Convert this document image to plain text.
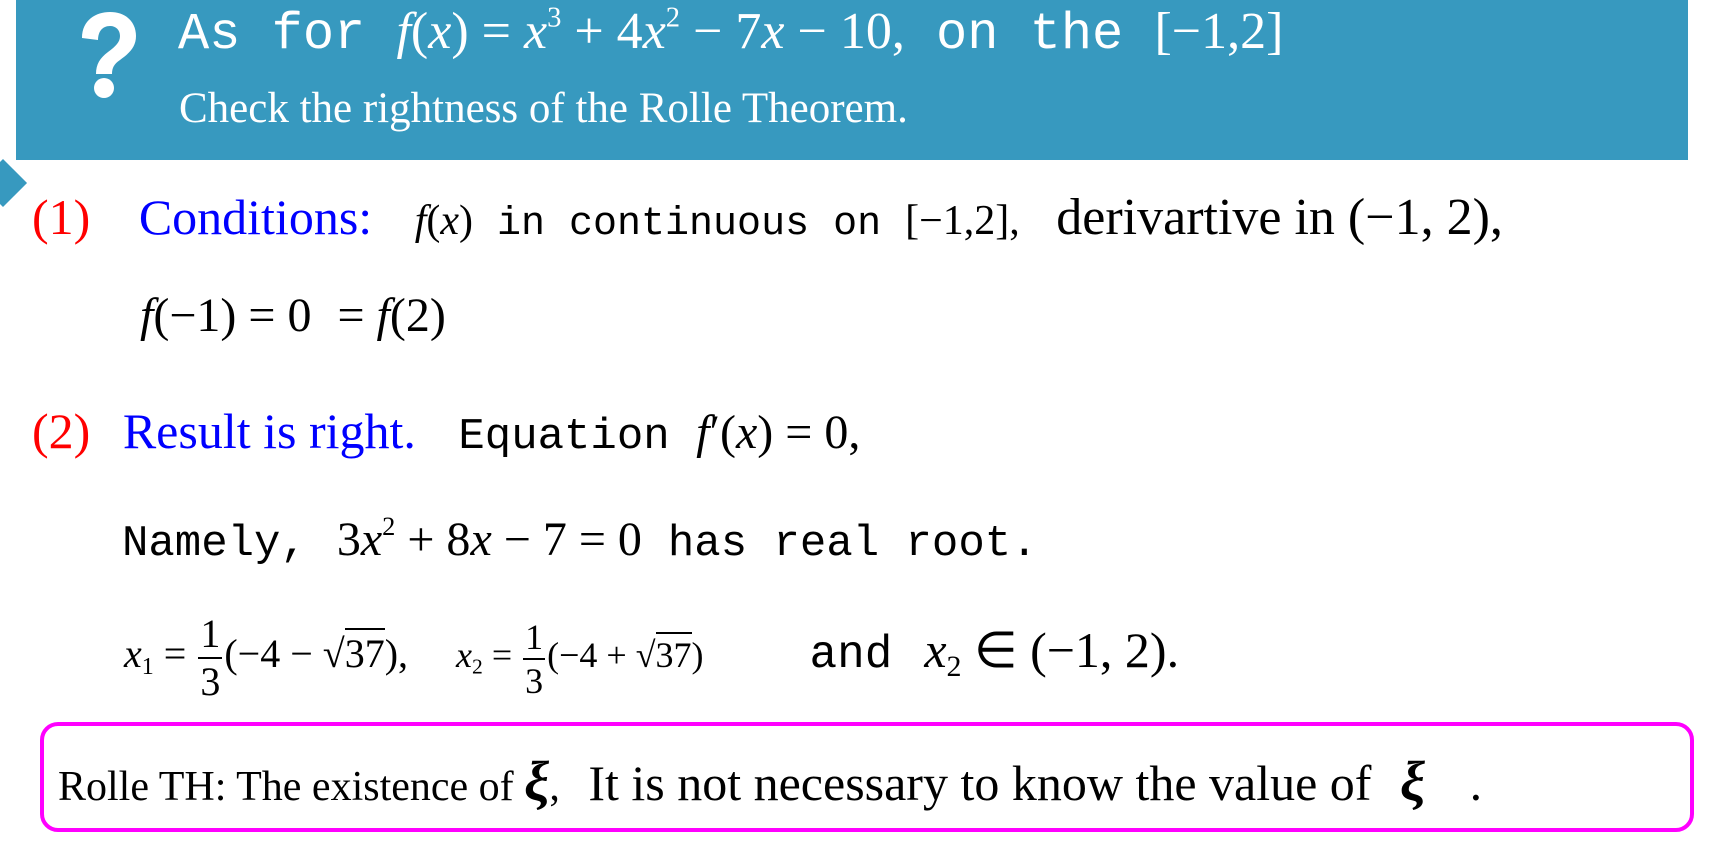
As for $f(x) = x^3 + 4x^2 - 7x - 10$, on the [−1,2]
Check the rightness of the Rolle Theorem.
(1) Conditions: f(x) in continuous on [−1,2], derivartive in (−1, 2),
f(−1) = 0 = f(2)
(2) Result is right. Equation f′(x) = 0,
Namely, $3x^2 + 8x - 7 = 0$ has real root.
$x_1 = \frac{1}{3} (-4 - √37)$, $x_2 = \frac{1}{3} (-4 + √37)$ and $x_2$ ∈ (−1, 2).
Rolle TH: The existence of ξ, It is not necessary to know the value of ξ .
